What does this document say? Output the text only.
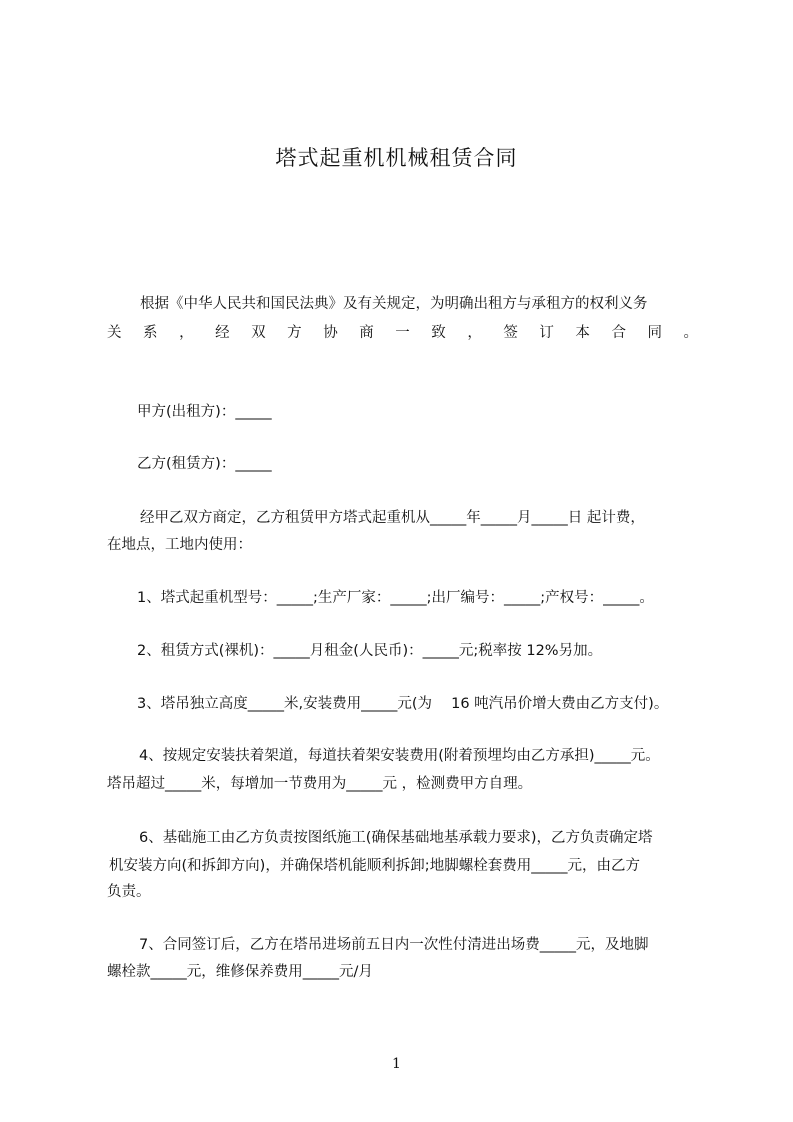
塔式起重机机械租赁合同
根据《中华人民共和国民法典》及有关规定，为明确出租方与承租方的权利义务
关 系 ， 经 双 方 协 商 一 致 ， 签 订 本 合 同 。
甲方(出租方)：_____
乙方(租赁方)：_____
经甲乙双方商定，乙方租赁甲方塔式起重机从_____年_____月_____日 起计费，
在地点，工地内使用：
1、塔式起重机型号：_____;生产厂家：_____;出厂编号：_____;产权号：_____。
2、租赁方式(裸机)：_____月租金(人民币)：_____元;税率按 12%另加。
3、塔吊独立高度_____米,安装费用_____元(为　 16 吨汽吊价增大费由乙方支付)。
4、按规定安装扶着架道，每道扶着架安装费用(附着预埋均由乙方承担)_____元。
塔吊超过_____米，每增加一节费用为_____元 ，检测费甲方自理。
6、基础施工由乙方负责按图纸施工(确保基础地基承载力要求)，乙方负责确定塔
机安装方向(和拆卸方向)，并确保塔机能顺利拆卸;地脚螺栓套费用_____元，由乙方
负责。
7、合同签订后，乙方在塔吊进场前五日内一次性付清进出场费_____元，及地脚
螺栓款_____元，维修保养费用_____元/月
1
